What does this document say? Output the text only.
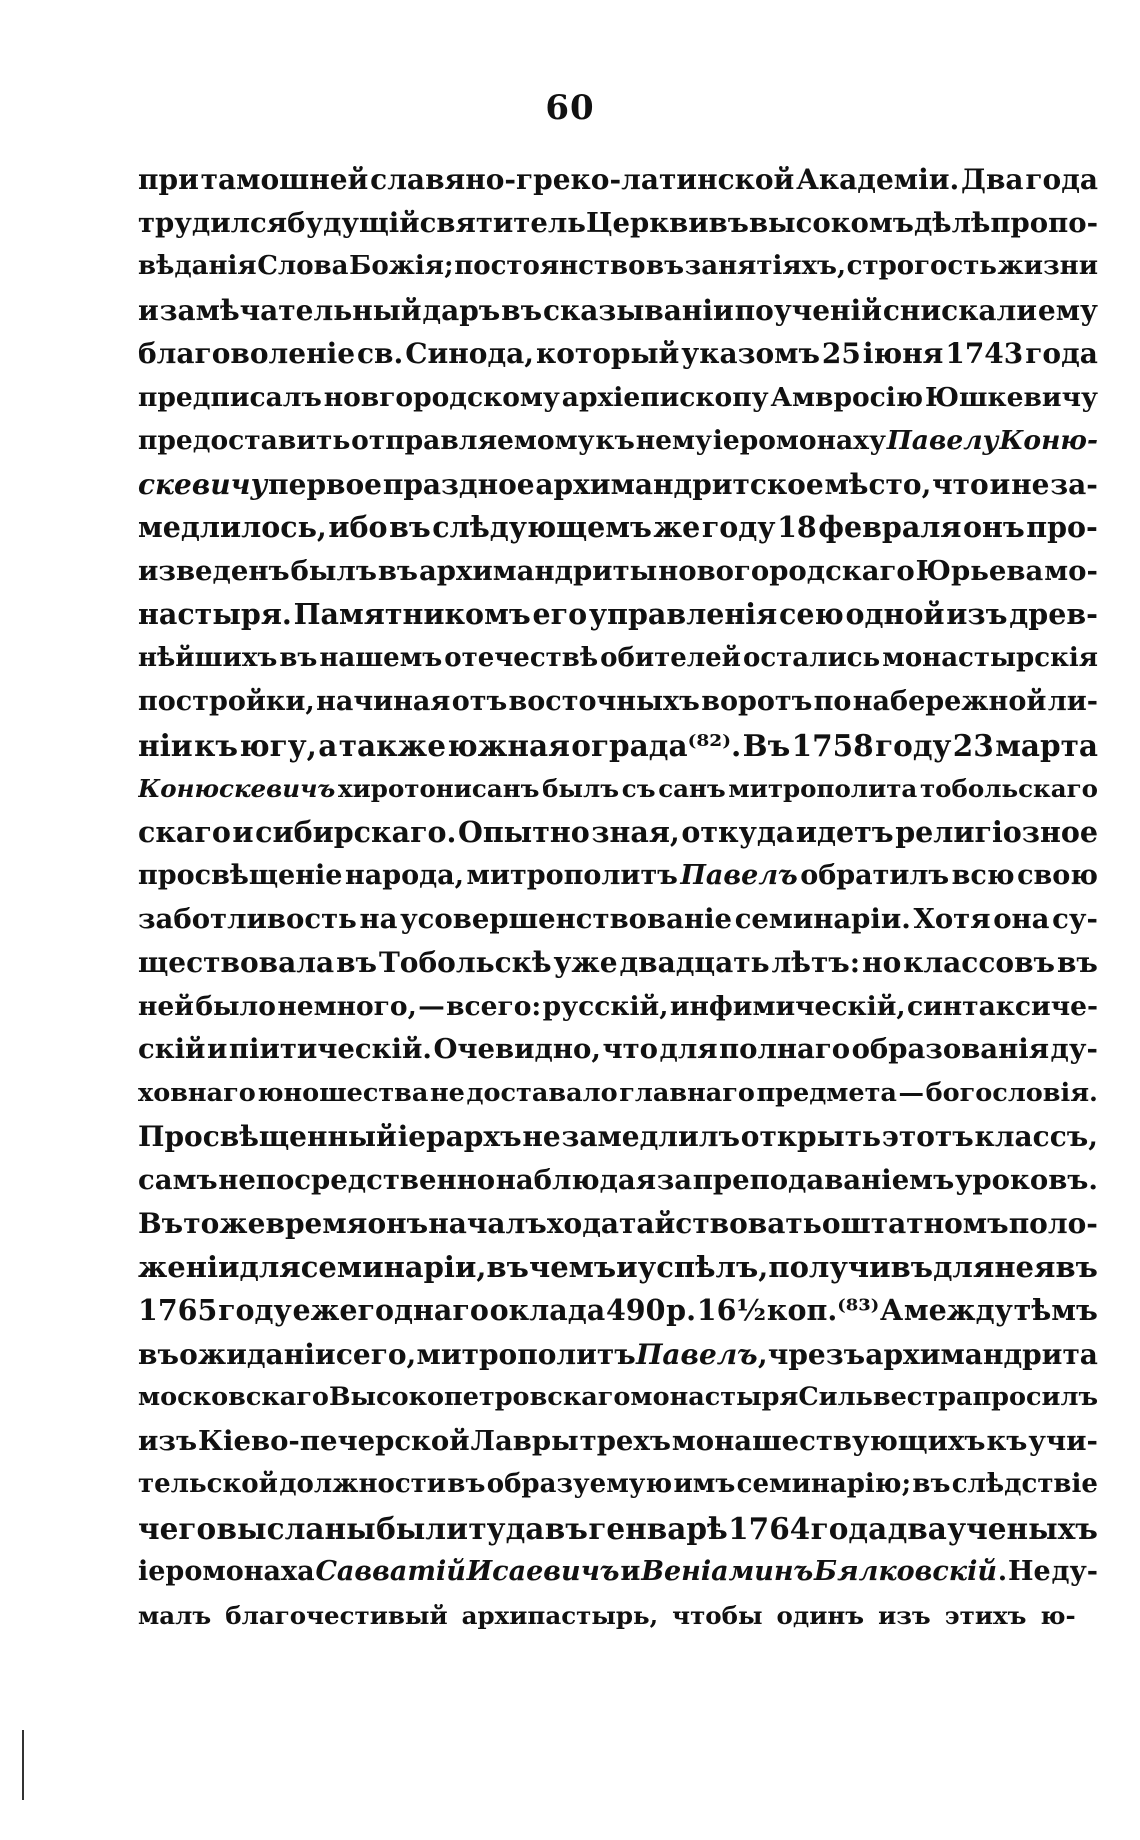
60
при тамошней славяно-греко-латинской Академіи. Два года
трудился будущій святитель Церкви въ высокомъ дѣлѣ пропо-
вѣданія Слова Божія; постоянство въ занятіяхъ, строгость жизни
и замѣчательный даръ въ сказываніи поученій снискали ему
благоволеніе св. Синода, который указомъ 25 іюня 1743 года
предписалъ новгородскому архіепископу Амвросію Юшкевичу
предоставить отправляемому къ нему іеромонаху Павелу Коню-
скевичу первое праздное архимандритское мѣсто, что и не за-
медлилось, ибо въ слѣдующемъ же году 18 февраля онъ про-
изведенъ былъ въ архимандриты новогородскаго Юрьева мо-
настыря. Памятникомъ его управленія сею одной изъ древ-
нѣйшихъ въ нашемъ отечествѣ обителей остались монастырскія
постройки, начиная отъ восточныхъ воротъ по набережной ли-
ніи къ югу, а также южная ограда⁽⁸²⁾. Въ 1758 году 23 марта
Конюскевичъ хиротонисанъ былъ съ санъ митрополита тобольскаго
скаго и сибирскаго. Опытно зная, откуда идетъ религіозное
просвѣщеніе народа, митрополитъ Павелъ обратилъ всю свою
заботливость на усовершенствованіе семинаріи. Хотя она су-
ществовала въ Тобольскѣ уже двадцать лѣтъ: но классовъ въ
ней было немного, — всего: русскій, инфимическій, синтаксиче-
скій и піитическій. Очевидно, что для полнаго образованія ду-
ховнаго юношества не доставало главнаго предмета — богословія.
Просвѣщенный іерархъ не замедлилъ открыть этотъ классъ,
самъ непосредственно наблюдая за преподаваніемъ уроковъ.
Въ тоже время онъ началъ ходатайствовать о штатномъ поло-
женіи для семинаріи, въ чемъ и успѣлъ, получивъ для нея въ
1765 году ежегоднаго оклада 490 р. 16½ коп.⁽⁸³⁾ А между тѣмъ
въ ожиданіи сего, митрополитъ Павелъ , чрезъ архимандрита
московскаго Высокопетровскаго монастыря Сильвестра просилъ
изъ Кіево-печерской Лавры трехъ монашествующихъ къ учи-
тельской должности въ образуемую имъ семинарію; въ слѣдствіе
чего высланы были туда въ генварѣ 1764 года два ученыхъ
іеромонаха Савватій Исаевичъ и Веніаминъ Бялковскій . Не ду-
малъ благочестивый архипастырь, чтобы одинъ изъ этихъ ю-
